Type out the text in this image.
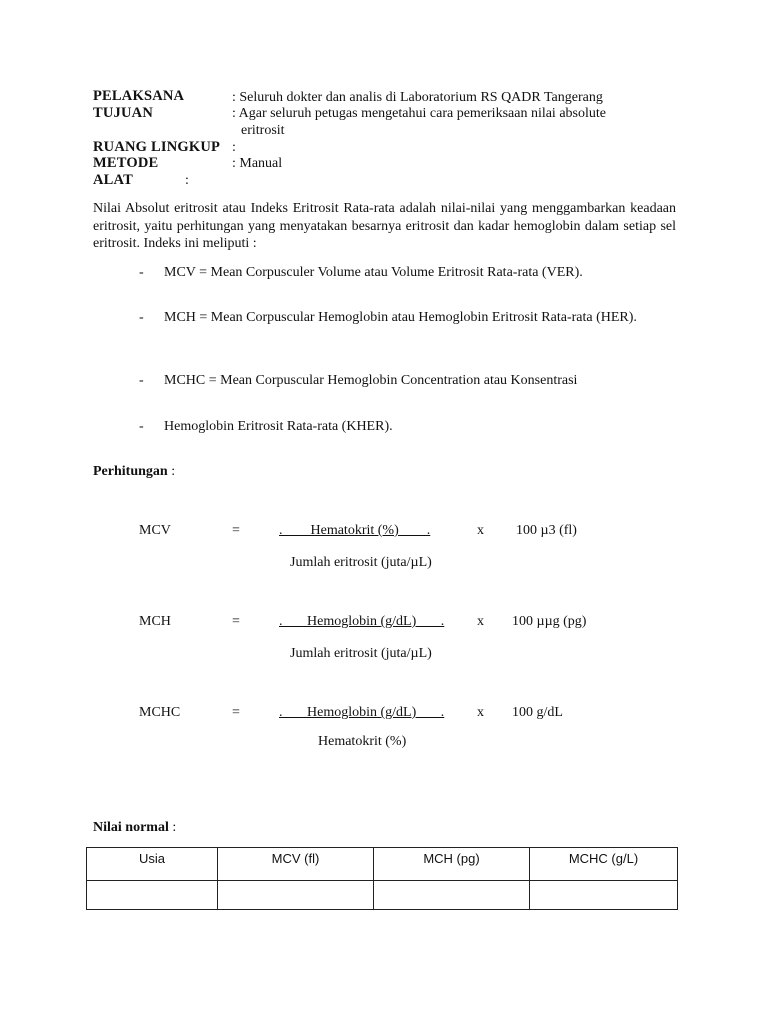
PELAKSANA	: Seluruh dokter dan analis di Laboratorium RS QADR Tangerang
TUJUAN	: Agar seluruh petugas mengetahui cara pemeriksaan nilai absolute
eritrosit
RUANG LINGKUP :
METODE	: Manual
ALAT	:
Nilai Absolut eritrosit atau Indeks Eritrosit Rata-rata adalah nilai-nilai yang menggambarkan keadaan eritrosit, yaitu perhitungan yang menyatakan besarnya eritrosit dan kadar hemoglobin dalam setiap sel eritrosit. Indeks ini meliputi :
- MCV = Mean Corpusculer Volume atau Volume Eritrosit Rata-rata (VER).
- MCH = Mean Corpuscular Hemoglobin atau Hemoglobin Eritrosit Rata-rata (HER).
- MCHC = Mean Corpuscular Hemoglobin Concentration atau Konsentrasi
- Hemoglobin Eritrosit Rata-rata (KHER).
Perhitungan :
MCV	=	.        Hematokrit (%)        .	x 100 µ3 (fl)
Jumlah eritrosit (juta/µL)
MCH	=	.       Hemoglobin (g/dL)       . x 100 µµg (pg)
Jumlah eritrosit (juta/µL)
MCHC	=	.       Hemoglobin (g/dL)       . x 100 g/dL
Hematokrit (%)
Nilai normal :
Usia	MCV (fl)	MCH (pg)	MCHC (g/L)
